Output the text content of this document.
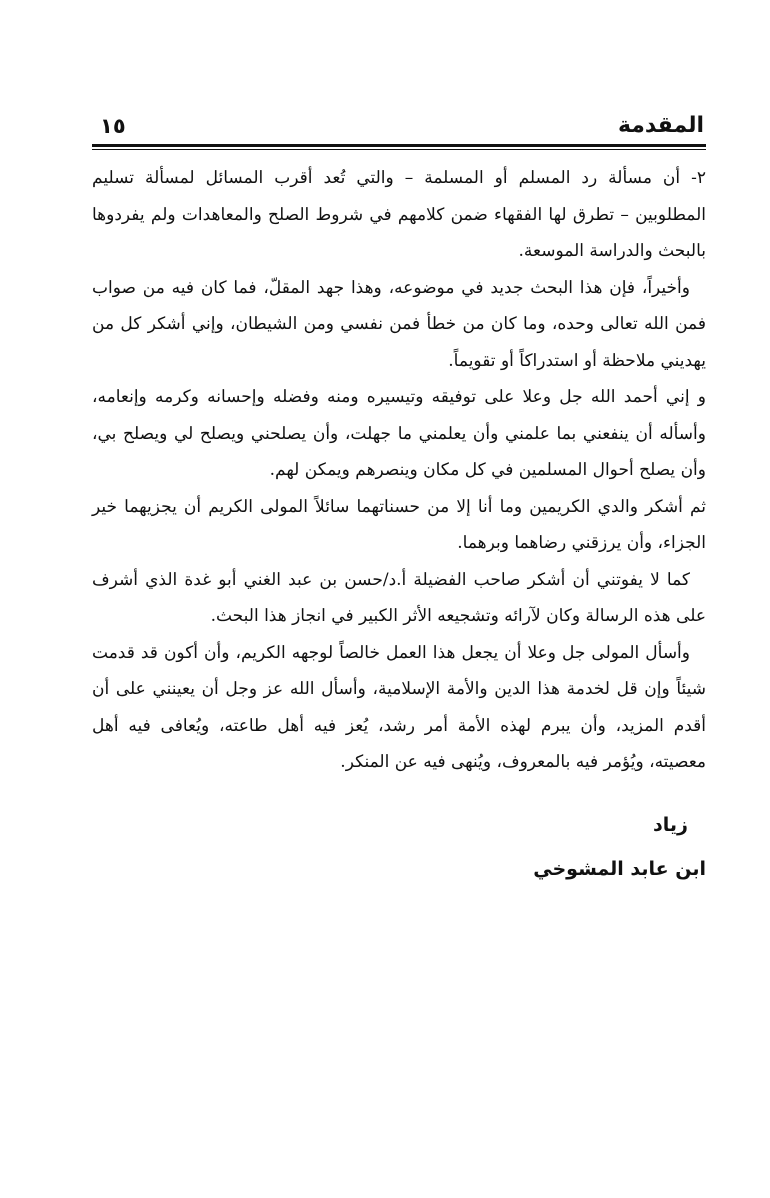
المقدمة
١٥

٢- أن مسألة رد المسلم أو المسلمة – والتي تُعد أقرب المسائل لمسألة تسليم المطلوبين – تطرق لها الفقهاء ضمن كلامهم في شروط الصلح والمعاهدات ولم يفردوها بالبحث والدراسة الموسعة.

وأخيراً، فإن هذا البحث جديد في موضوعه، وهذا جهد المقلّ، فما كان فيه من صواب فمن الله تعالى وحده، وما كان من خطأ فمن نفسي ومن الشيطان، وإني أشكر كل من يهديني ملاحظة أو استدراكاً أو تقويماً.

و إني أحمد الله جل وعلا على توفيقه وتيسيره ومنه وفضله وإحسانه وكرمه وإنعامه، وأسأله أن ينفعني بما علمني وأن يعلمني ما جهلت، وأن يصلحني ويصلح لي ويصلح بي، وأن يصلح أحوال المسلمين في كل مكان وينصرهم ويمكن لهم.

ثم أشكر والدي الكريمين وما أنا إلا من حسناتهما سائلاً المولى الكريم أن يجزيهما خير الجزاء، وأن يرزقني رضاهما وبرهما.

كما لا يفوتني أن أشكر صاحب الفضيلة أ.د/حسن بن عبد الغني أبو غدة الذي أشرف على هذه الرسالة وكان لآرائه وتشجيعه الأثر الكبير في انجاز هذا البحث.

وأسأل المولى جل وعلا أن يجعل هذا العمل خالصاً لوجهه الكريم، وأن أكون قد قدمت شيئاً وإن قل لخدمة هذا الدين والأمة الإسلامية، وأسأل الله عز وجل أن يعينني على أن أقدم المزيد، وأن يبرم لهذه الأمة أمر رشد، يُعز فيه أهل طاعته، ويُعافى فيه أهل معصيته، ويُؤمر فيه بالمعروف، ويُنهى فيه عن المنكر.

زياد
ابن عابد المشوخي
